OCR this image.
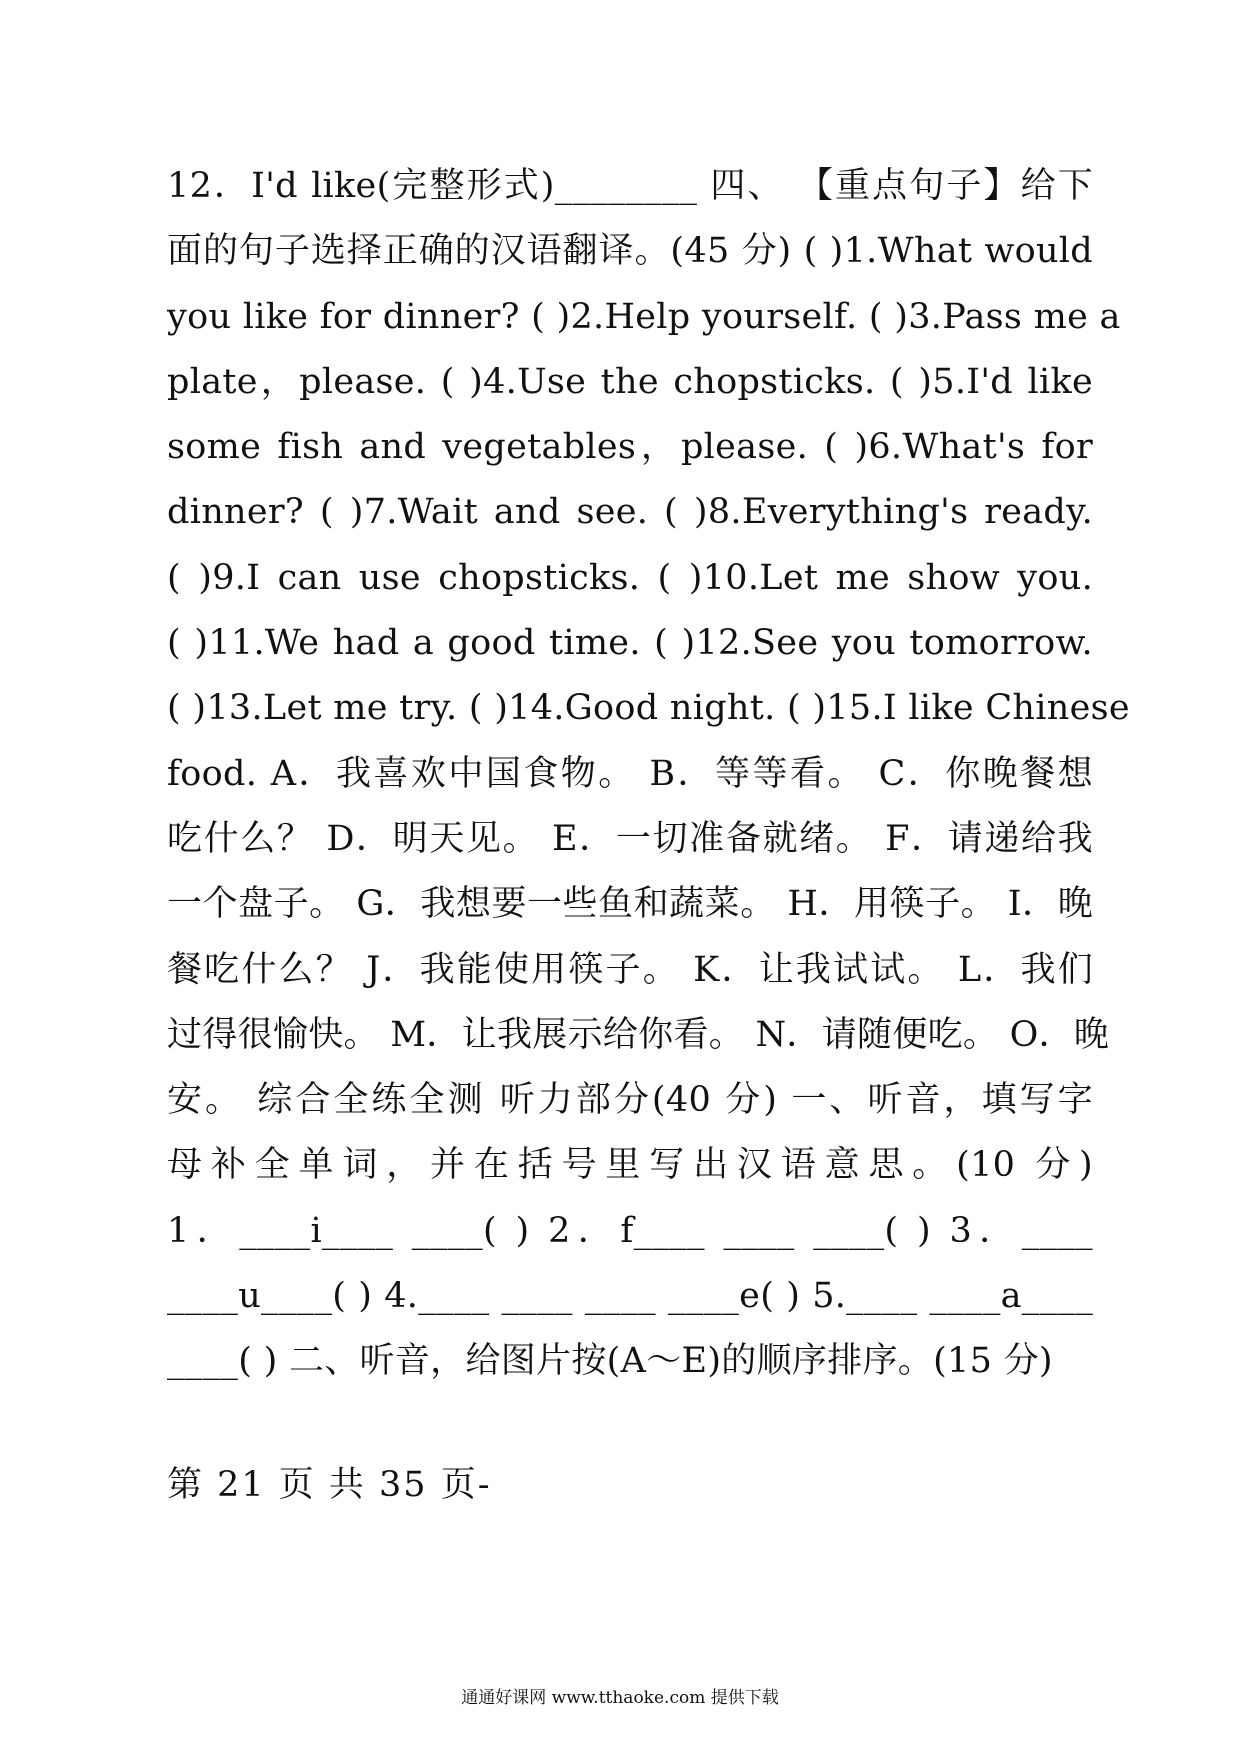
12．I'd like(完整形式)________ 四、 【重点句子】给下
面的句子选择正确的汉语翻译。(45 分) ( )1.What would
you like for dinner? ( )2.Help yourself. ( )3.Pass me a
plate，please. ( )4.Use the chopsticks. ( )5.I'd like
some fish and vegetables，please. ( )6.What's for
dinner? ( )7.Wait and see. ( )8.Everything's ready.
( )9.I can use chopsticks. ( )10.Let me show you.
( )11.We had a good time. ( )12.See you tomorrow.
( )13.Let me try. ( )14.Good night. ( )15.I like Chinese
food. A．我喜欢中国食物。 B．等等看。 C．你晚餐想
吃什么？ D．明天见。 E．一切准备就绪。 F．请递给我
一个盘子。 G．我想要一些鱼和蔬菜。 H．用筷子。 I．晚
餐吃什么？ J．我能使用筷子。 K．让我试试。 L．我们
过得很愉快。 M．让我展示给你看。 N．请随便吃。 O．晚
安。 综合全练全测 听力部分(40 分) 一、听音，填写字
母补全单词，并在括号里写出汉语意思。(10 分)
1．____i____ ____( ) 2．f____ ____ ____( ) 3．____
____u____( ) 4.____ ____ ____ ____e( ) 5.____ ____a____
____( ) 二、听音，给图片按(A～E)的顺序排序。(15 分)
第 21 页 共 35 页-
通通好课网 www.tthaoke.com 提供下载
